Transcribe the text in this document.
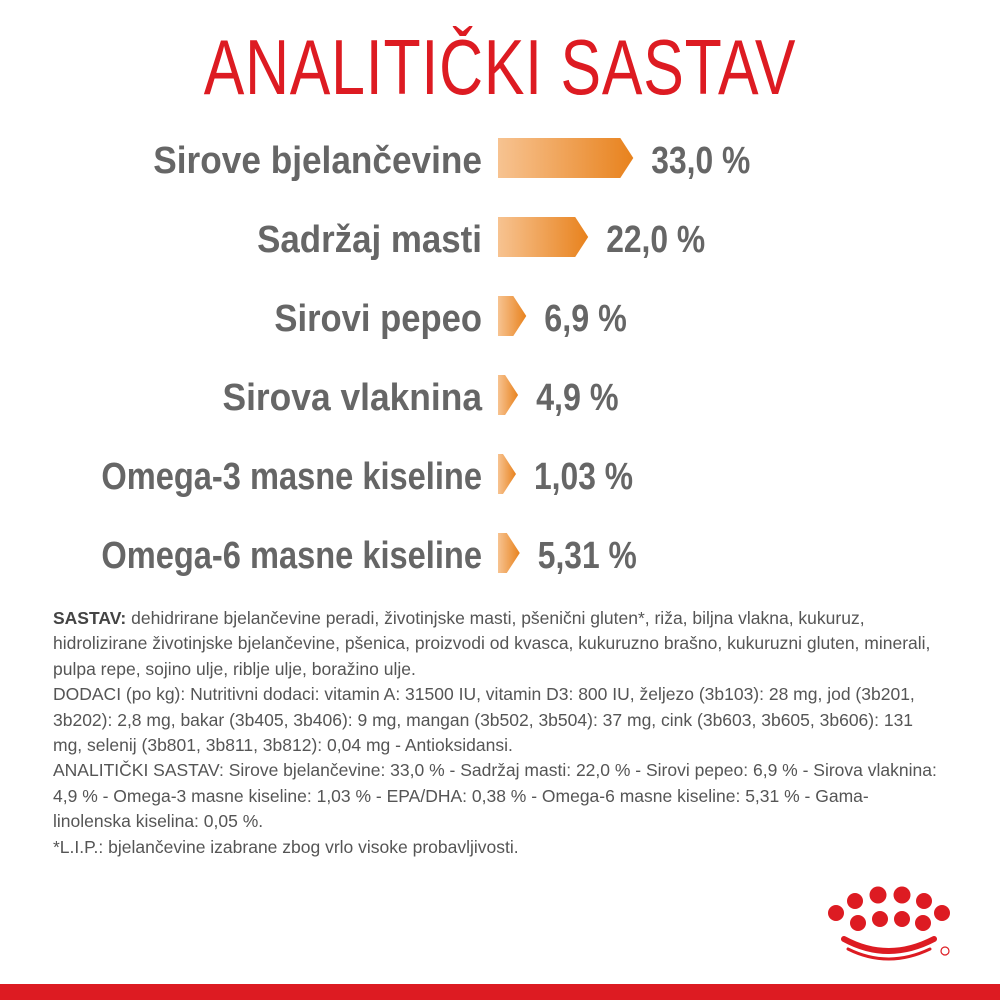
ANALITIČKI SASTAV
Sirove bjelančevine	33,0 %
Sadržaj masti	22,0 %
Sirovi pepeo 6,9 %
Sirova vlaknina 4,9 %
Omega-3 masne kiseline 1,03 %
Omega-6 masne kiseline 5,31 %

SASTAV: dehidrirane bjelančevine peradi, životinjske masti, pšenični gluten*, riža, biljna vlakna, kukuruz, hidrolizirane životinjske bjelančevine, pšenica, proizvodi od kvasca, kukuruzno brašno, kukuruzni gluten, minerali, pulpa repe, sojino ulje, riblje ulje, boražino ulje.

DODACI (po kg): Nutritivni dodaci: vitamin A: 31500 IU, vitamin D3: 800 IU, željezo (3b103): 28 mg, jod (3b201, 3b202): 2,8 mg, bakar (3b405, 3b406): 9 mg, mangan (3b502, 3b504): 37 mg, cink (3b603, 3b605, 3b606): 131 mg, selenij (3b801, 3b811, 3b812): 0,04 mg - Antioksidansi.

ANALITIČKI SASTAV: Sirove bjelančevine: 33,0 % - Sadržaj masti: 22,0 % - Sirovi pepeo: 6,9 % - Sirova vlaknina: 4,9 % - Omega-3 masne kiseline: 1,03 % - EPA/DHA: 0,38 % - Omega-6 masne kiseline: 5,31 % - Gama-linolenska kiselina: 0,05 %.

*L.I.P.: bjelančevine izabrane zbog vrlo visoke probavljivosti.
